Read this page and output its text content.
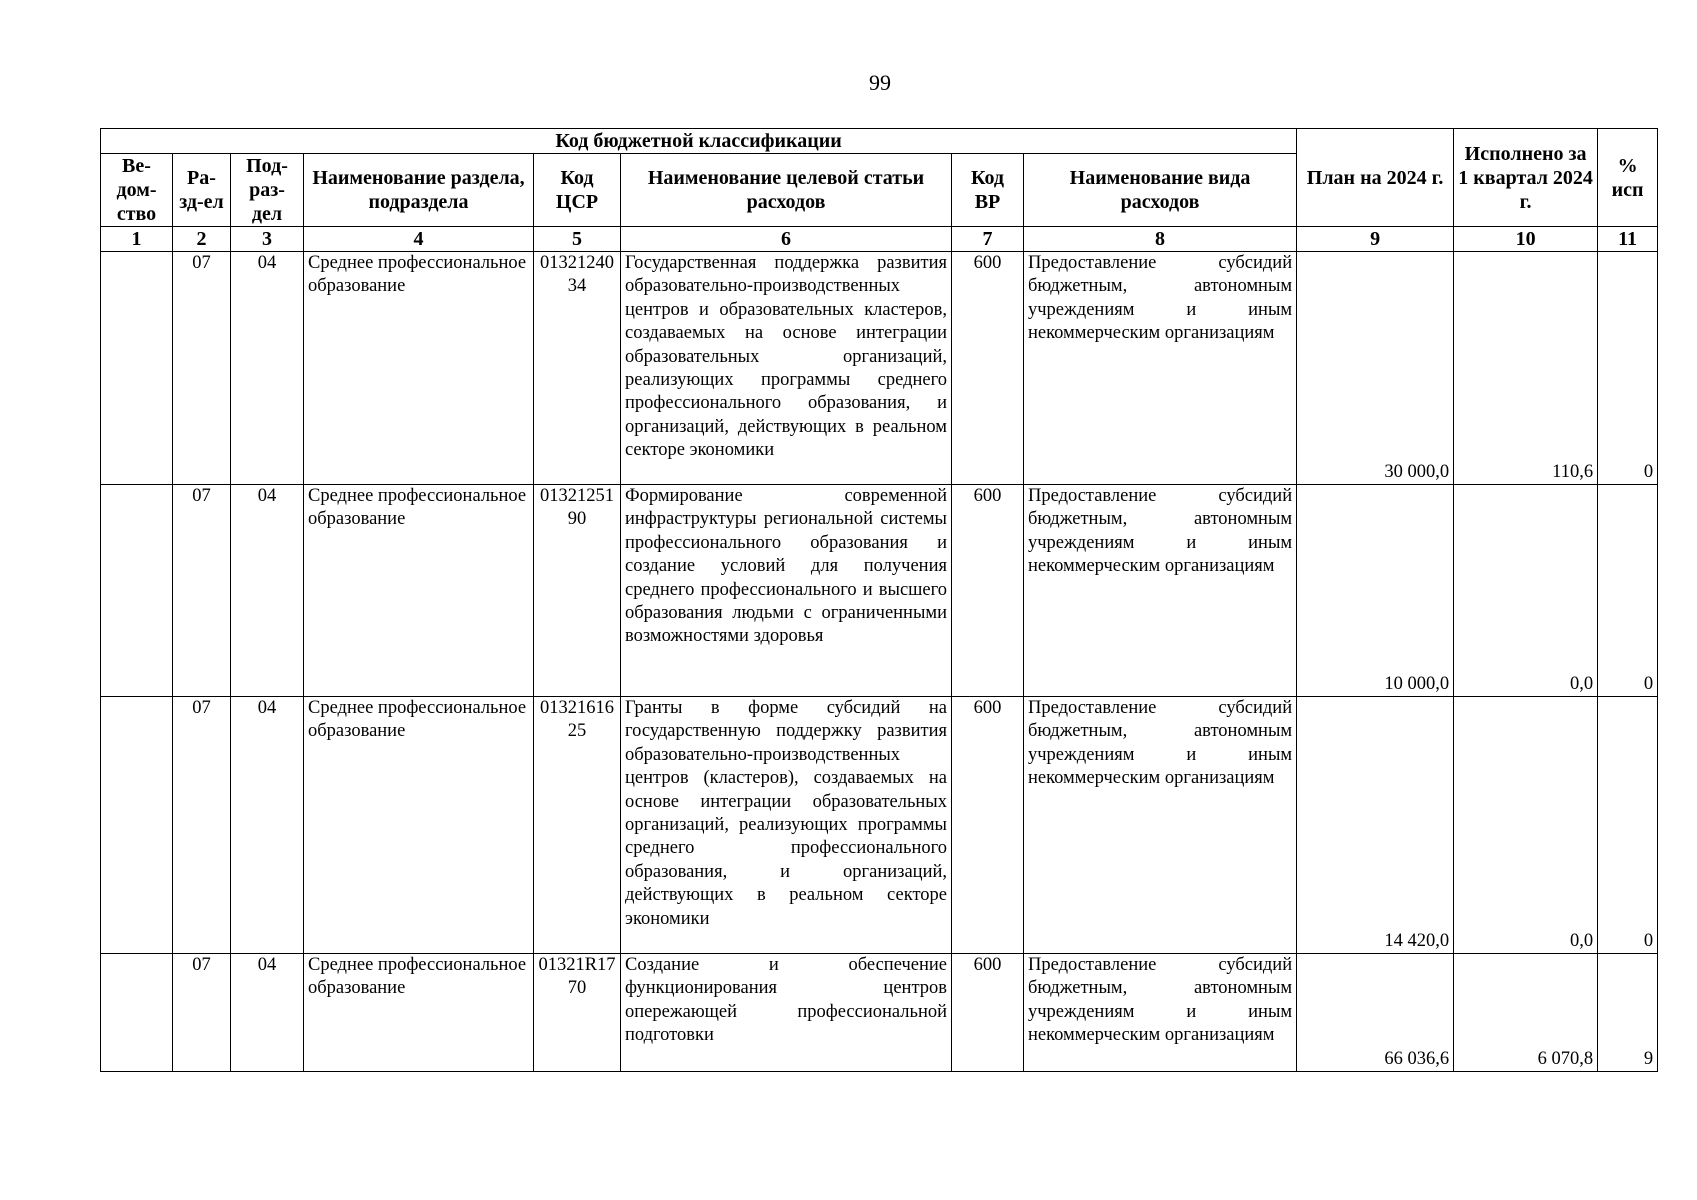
99
Код бюджетной классификации								План на 2024 г.	Исполнено за 1 квартал 2024 г.	% исп
Ве-дом-ство	Ра-зд-ел	Под-раз-дел	Наименование раздела, подраздела	Код ЦСР	Наименование целевой статьи расходов	Код ВР	Наименование вида расходов			
1	2	3	4	5	6	7	8	9	10	11
	07	04	Среднее профессиональное образование	0132124034	Государственная поддержка развития образовательно-производственных центров и образовательных кластеров, создаваемых на основе интеграции образовательных организаций, реализующих программы среднего профессионального образования, и организаций, действующих в реальном секторе экономики	600	Предоставление субсидий бюджетным, автономным учреждениям и иным некоммерческим организациям	30 000,0	110,6	0
	07	04	Среднее профессиональное образование	0132125190	Формирование современной инфраструктуры региональной системы профессионального образования и создание условий для получения среднего профессионального и высшего образования людьми с ограниченными возможностями здоровья	600	Предоставление субсидий бюджетным, автономным учреждениям и иным некоммерческим организациям	10 000,0	0,0	0
	07	04	Среднее профессиональное образование	0132161625	Гранты в форме субсидий на государственную поддержку развития образовательно-производственных центров (кластеров), создаваемых на основе интеграции образовательных организаций, реализующих программы среднего профессионального образования, и организаций, действующих в реальном секторе экономики	600	Предоставление субсидий бюджетным, автономным учреждениям и иным некоммерческим организациям	14 420,0	0,0	0
	07	04	Среднее профессиональное образование	01321R1770	Создание и обеспечение функционирования центров опережающей профессиональной подготовки	600	Предоставление субсидий бюджетным, автономным учреждениям и иным некоммерческим организациям	66 036,6	6 070,8	9
